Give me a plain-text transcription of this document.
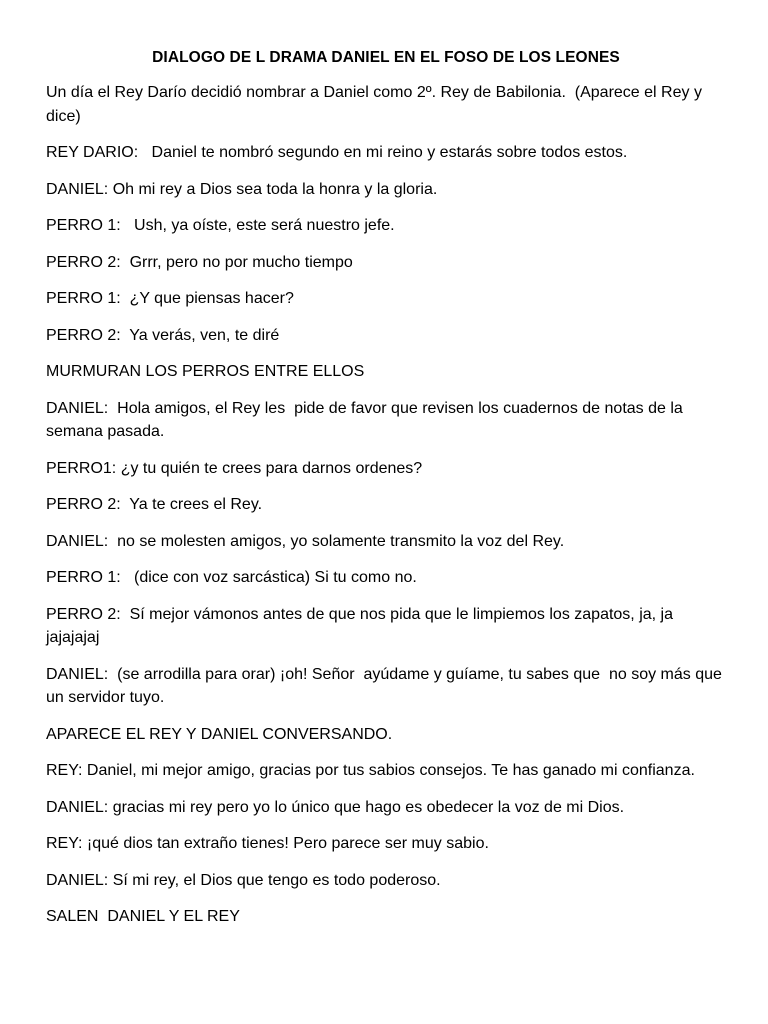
DIALOGO DE L DRAMA DANIEL EN EL FOSO DE LOS LEONES
Un día el Rey Darío decidió nombrar a Daniel como 2º. Rey de Babilonia.  (Aparece el Rey y dice)
REY DARIO:   Daniel te nombró segundo en mi reino y estarás sobre todos estos.
DANIEL: Oh mi rey a Dios sea toda la honra y la gloria.
PERRO 1:   Ush, ya oíste, este será nuestro jefe.
PERRO 2:  Grrr, pero no por mucho tiempo
PERRO 1:  ¿Y que piensas hacer?
PERRO 2:  Ya verás, ven, te diré
MURMURAN LOS PERROS ENTRE ELLOS
DANIEL:  Hola amigos, el Rey les  pide de favor que revisen los cuadernos de notas de la semana pasada.
PERRO1: ¿y tu quién te crees para darnos ordenes?
PERRO 2:  Ya te crees el Rey.
DANIEL:  no se molesten amigos, yo solamente transmito la voz del Rey.
PERRO 1:   (dice con voz sarcástica) Si tu como no.
PERRO 2:  Sí mejor vámonos antes de que nos pida que le limpiemos los zapatos, ja, ja jajajajaj
DANIEL:  (se arrodilla para orar) ¡oh! Señor  ayúdame y guíame, tu sabes que  no soy más que un servidor tuyo.
APARECE EL REY Y DANIEL CONVERSANDO.
REY: Daniel, mi mejor amigo, gracias por tus sabios consejos. Te has ganado mi confianza.
DANIEL: gracias mi rey pero yo lo único que hago es obedecer la voz de mi Dios.
REY: ¡qué dios tan extraño tienes! Pero parece ser muy sabio.
DANIEL: Sí mi rey, el Dios que tengo es todo poderoso.
SALEN  DANIEL Y EL REY
